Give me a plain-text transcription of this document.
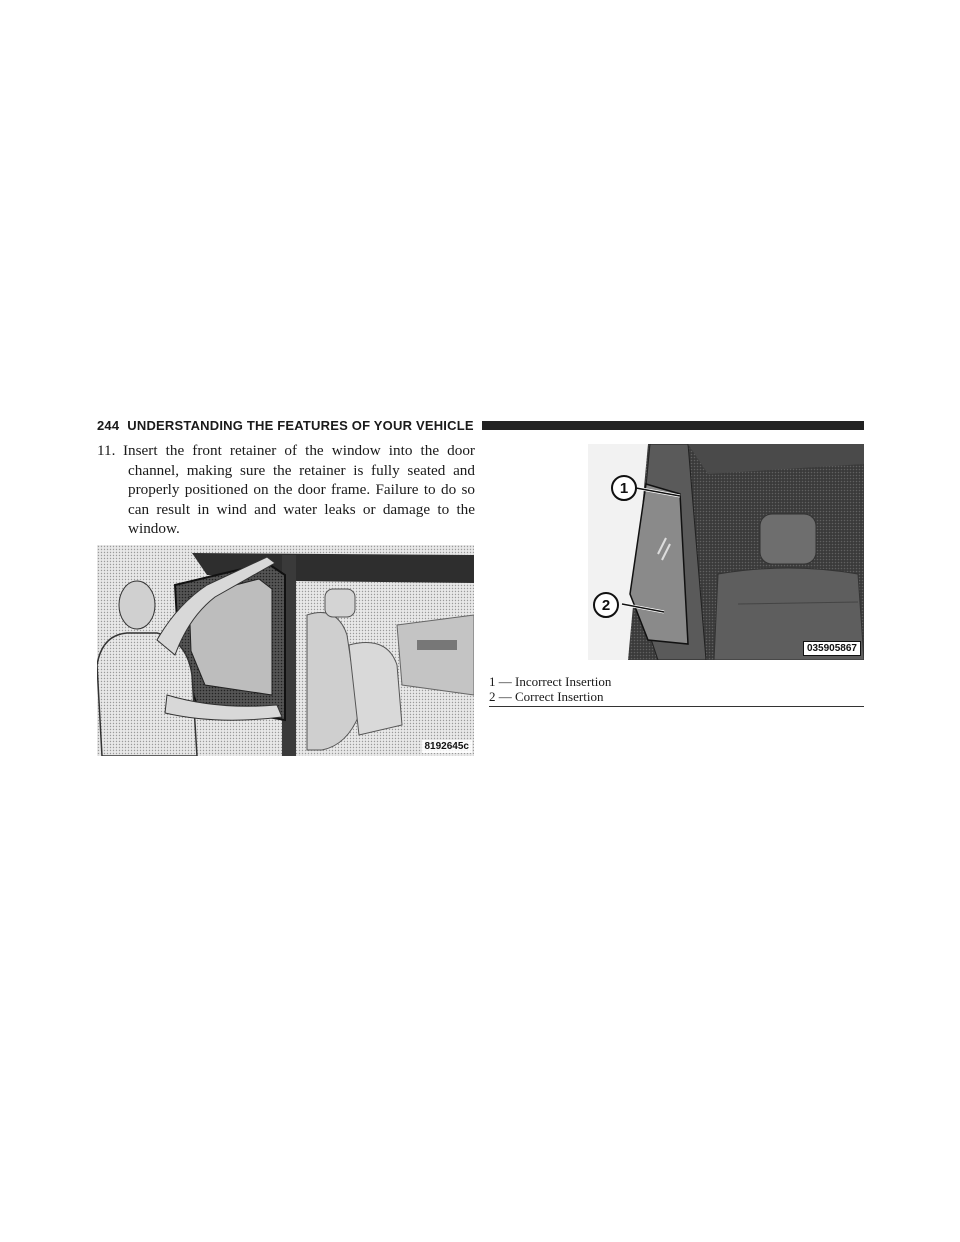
244 UNDERSTANDING THE FEATURES OF YOUR VEHICLE
11. Insert the front retainer of the window into the door channel, making sure the retainer is fully seated and properly positioned on the door frame. Failure to do so can result in wind and water leaks or damage to the window.
8192645c
035905867
1
2
1 — Incorrect Insertion
2 — Correct Insertion
